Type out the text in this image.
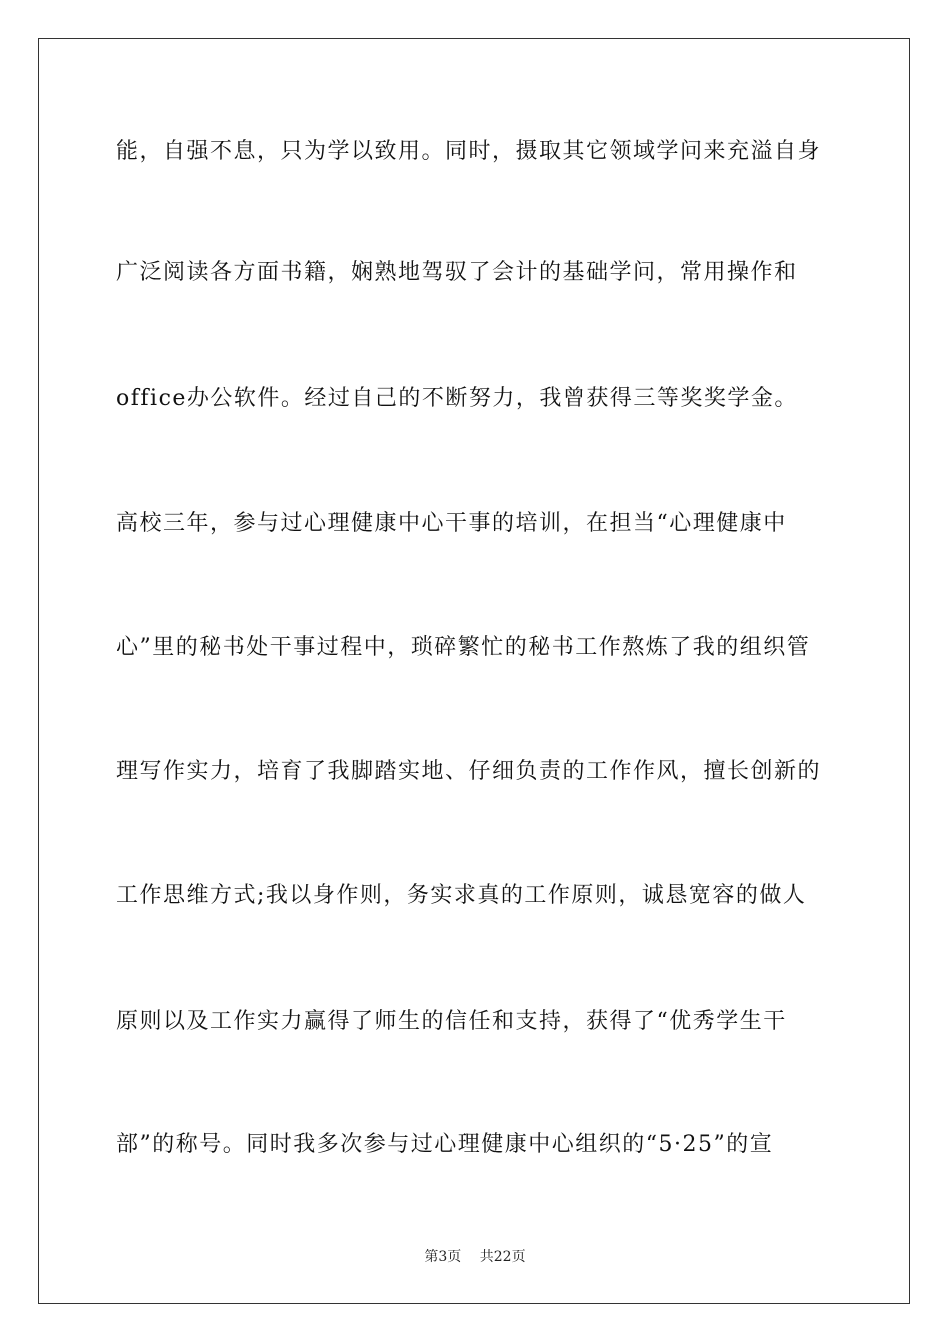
能，自强不息，只为学以致用。同时，摄取其它领域学问来充溢自身
广泛阅读各方面书籍，娴熟地驾驭了会计的基础学问，常用操作和
office办公软件。经过自己的不断努力，我曾获得三等奖奖学金。
高校三年，参与过心理健康中心干事的培训，在担当“心理健康中
心”里的秘书处干事过程中，琐碎繁忙的秘书工作熬炼了我的组织管
理写作实力，培育了我脚踏实地、仔细负责的工作作风，擅长创新的
工作思维方式;我以身作则，务实求真的工作原则，诚恳宽容的做人
原则以及工作实力赢得了师生的信任和支持，获得了“优秀学生干
部”的称号。同时我多次参与过心理健康中心组织的“5·25”的宣
第3页 共22页
